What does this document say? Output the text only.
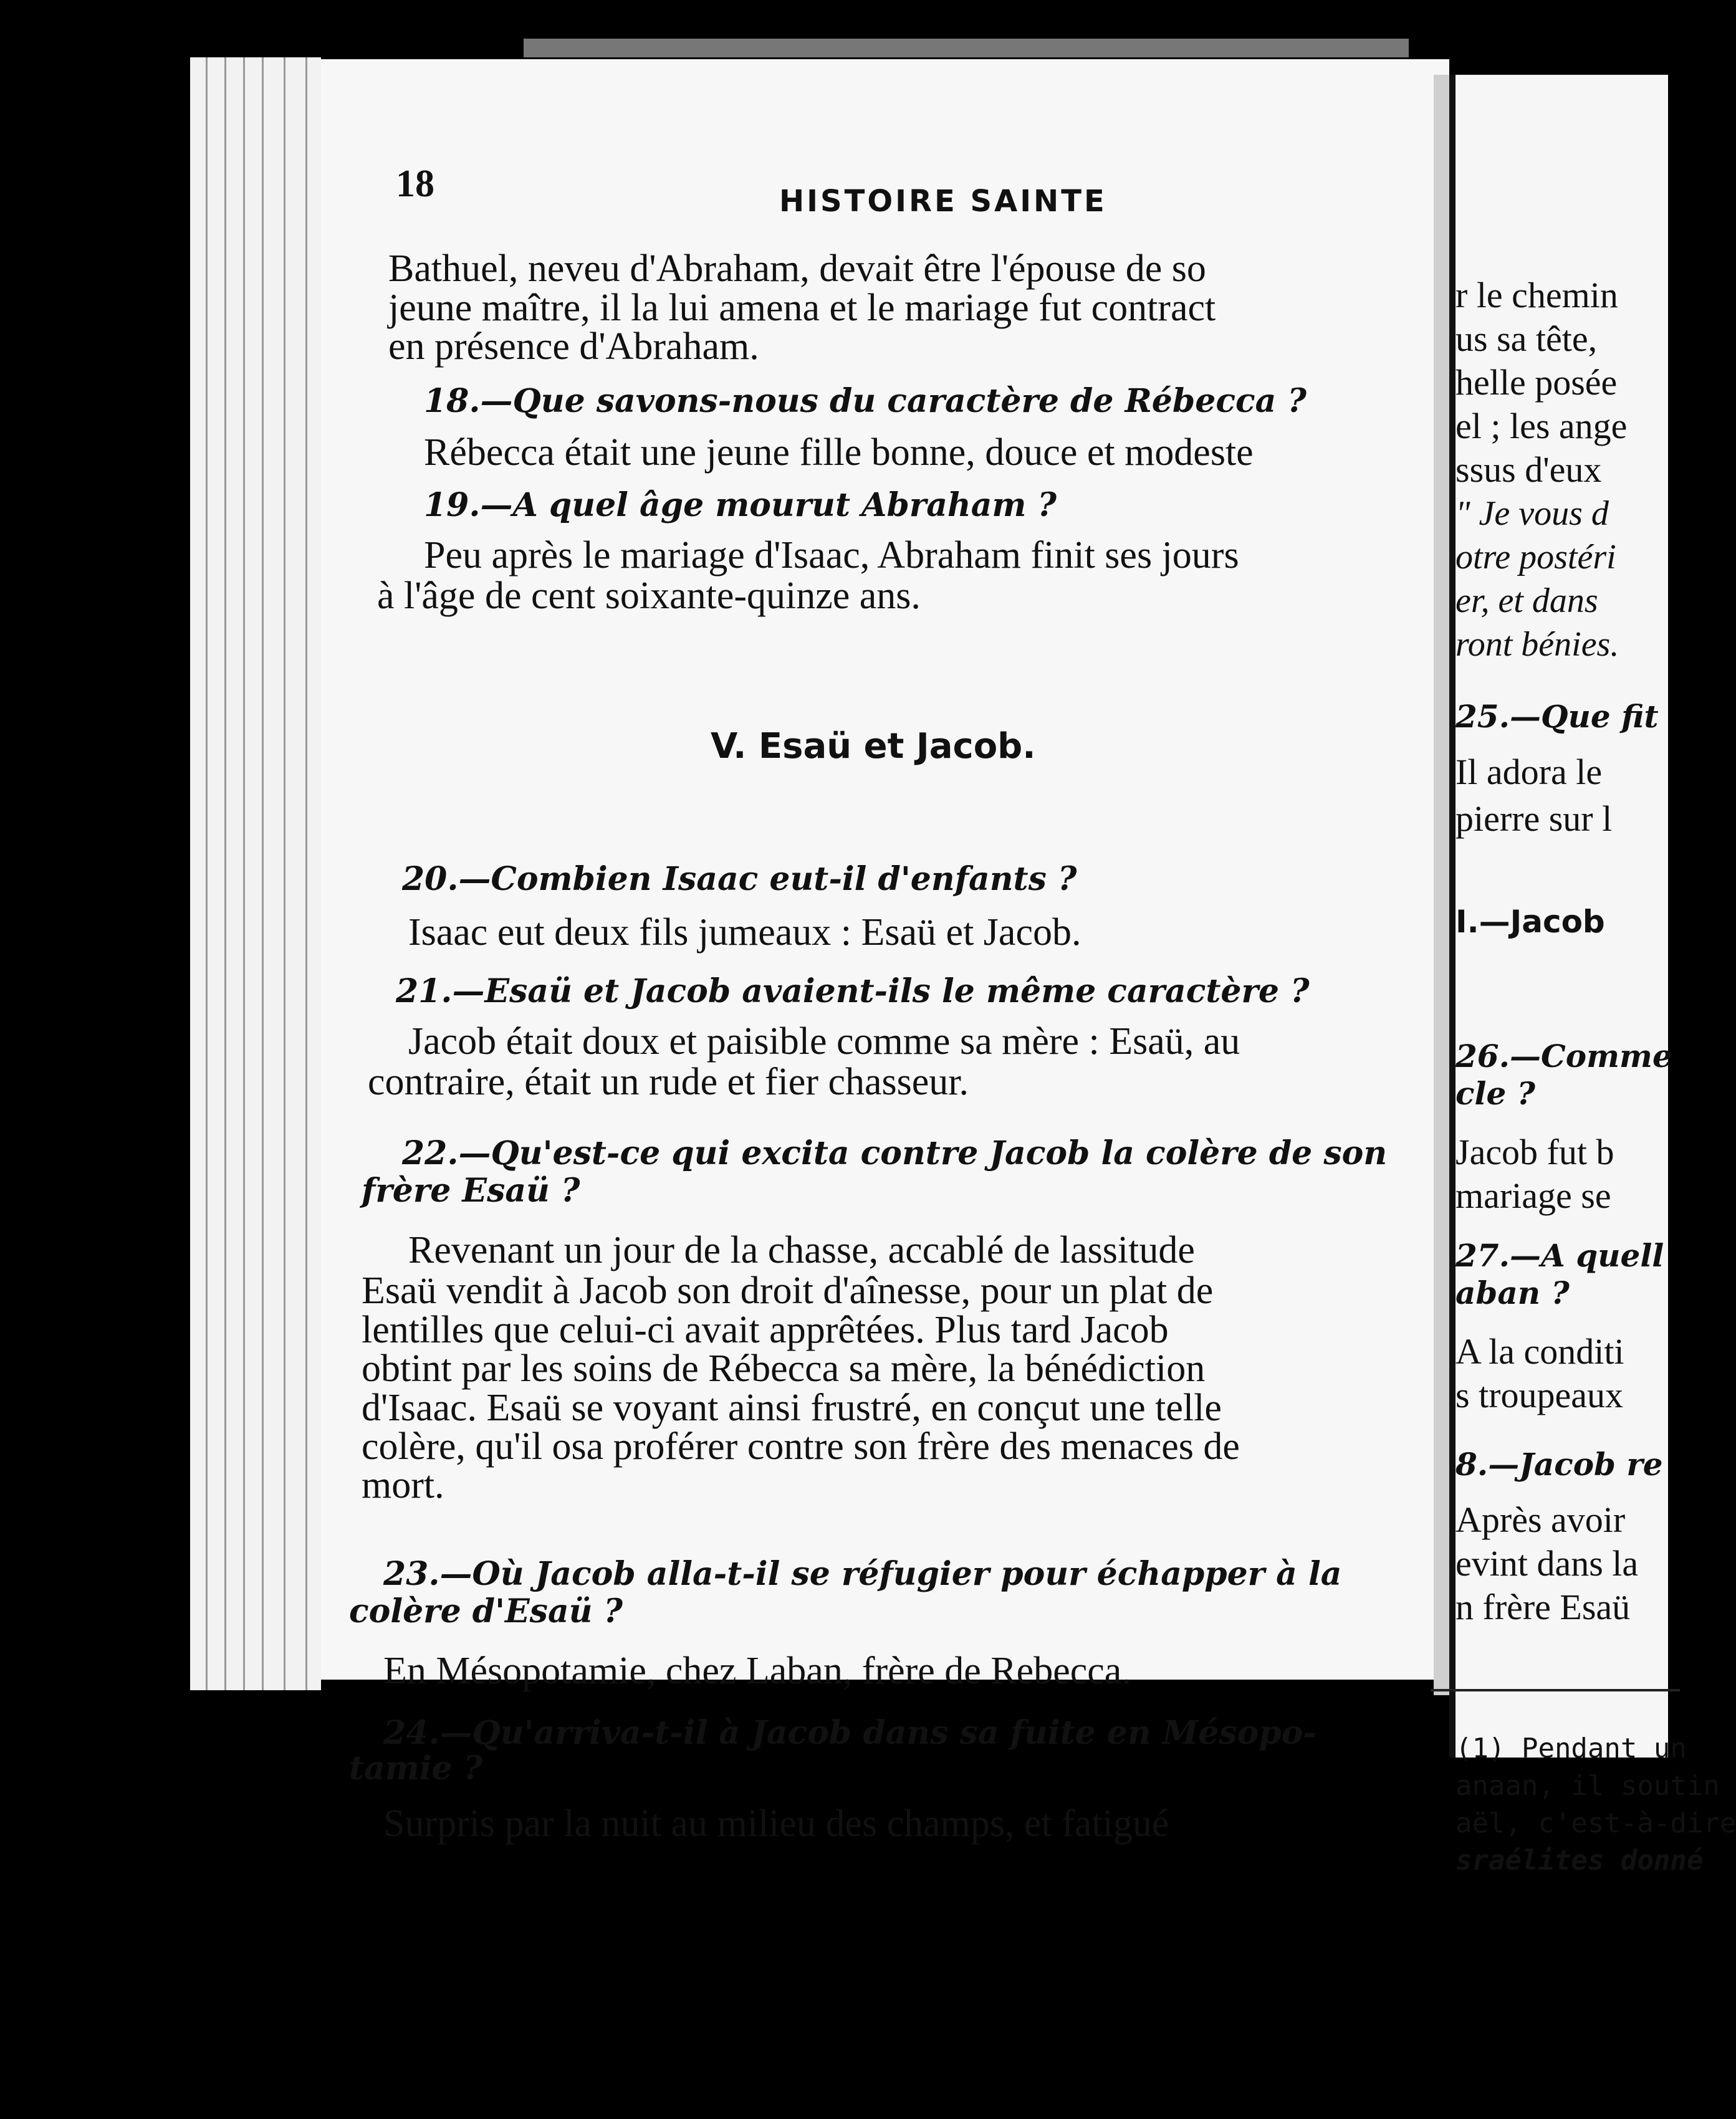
18	HISTOIRE SAINTE
Bathuel, neveu d'Abraham, devait être l'épouse de so
jeune maître, il la lui amena et le mariage fut contract
en présence d'Abraham.
18.—Que savons-nous du caractère de Rébecca ?
Rébecca était une jeune fille bonne, douce et modeste
19.—A quel âge mourut Abraham ?
Peu après le mariage d'Isaac, Abraham finit ses jours
à l'âge de cent soixante-quinze ans.
V. Esaü et Jacob.
20.—Combien Isaac eut-il d'enfants ?
Isaac eut deux fils jumeaux : Esaü et Jacob.
21.—Esaü et Jacob avaient-ils le même caractère ?
Jacob était doux et paisible comme sa mère : Esaü, au
contraire, était un rude et fier chasseur.
22.—Qu'est-ce qui excita contre Jacob la colère de son
frère Esaü ?
Revenant un jour de la chasse, accablé de lassitude
Esaü vendit à Jacob son droit d'aînesse, pour un plat de
lentilles que celui-ci avait apprêtées. Plus tard Jacob
obtint par les soins de Rébecca sa mère, la bénédiction
d'Isaac. Esaü se voyant ainsi frustré, en conçut une telle
colère, qu'il osa proférer contre son frère des menaces de
mort.
23.—Où Jacob alla-t-il se réfugier pour échapper à la
colère d'Esaü ?
En Mésopotamie, chez Laban, frère de Rebecca.
24.—Qu'arriva-t-il à Jacob dans sa fuite en Mésopo-
tamie ?
Surpris par la nuit au milieu des champs, et fatigué
r le chemin
us sa tête,
helle posée
el ; les ange
ssus d'eux
" Je vous d
otre postéri
er, et dans
ront bénies.
25.—Que fit
Il adora le
pierre sur l
I.—Jacob
26.—Comme
cle ?
Jacob fut b
mariage se
27.—A quell
aban ?
A la conditi
s troupeaux
8.—Jacob re
Après avoir
evint dans la
n frère Esaü
(1) Pendant un
anaan, il soutin
aël, c'est-à-dire
sraélites donné
